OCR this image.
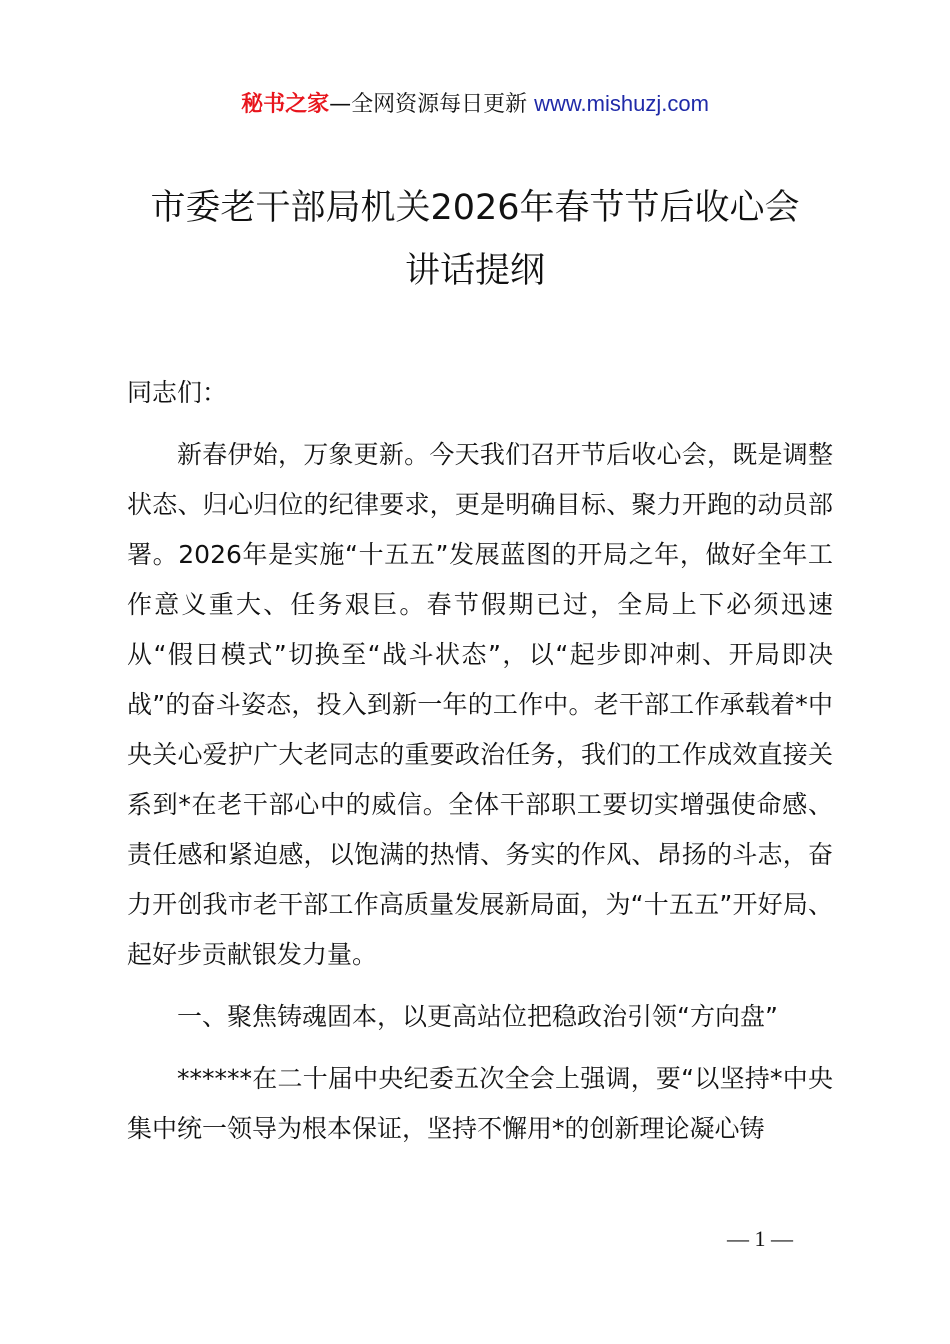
秘书之家—全网资源每日更新 www.mishuzj.com
市委老干部局机关2026年春节节后收心会
讲话提纲

同志们：

新春伊始，万象更新。今天我们召开节后收心会，既是调整状态、归心归位的纪律要求，更是明确目标、聚力开跑的动员部署。2026年是实施“十五五”发展蓝图的开局之年，做好全年工作意义重大、任务艰巨。春节假期已过，全局上下必须迅速从“假日模式”切换至“战斗状态”，以“起步即冲刺、开局即决战”的奋斗姿态，投入到新一年的工作中。老干部工作承载着*中央关心爱护广大老同志的重要政治任务，我们的工作成效直接关系到*在老干部心中的威信。全体干部职工要切实增强使命感、责任感和紧迫感，以饱满的热情、务实的作风、昂扬的斗志，奋力开创我市老干部工作高质量发展新局面，为“十五五”开好局、起好步贡献银发力量。

一、聚焦铸魂固本，以更高站位把稳政治引领“方向盘”

******在二十届中央纪委五次全会上强调，要“以坚持*中央集中统一领导为根本保证，坚持不懈用*的创新理论凝心铸

— 1 —
